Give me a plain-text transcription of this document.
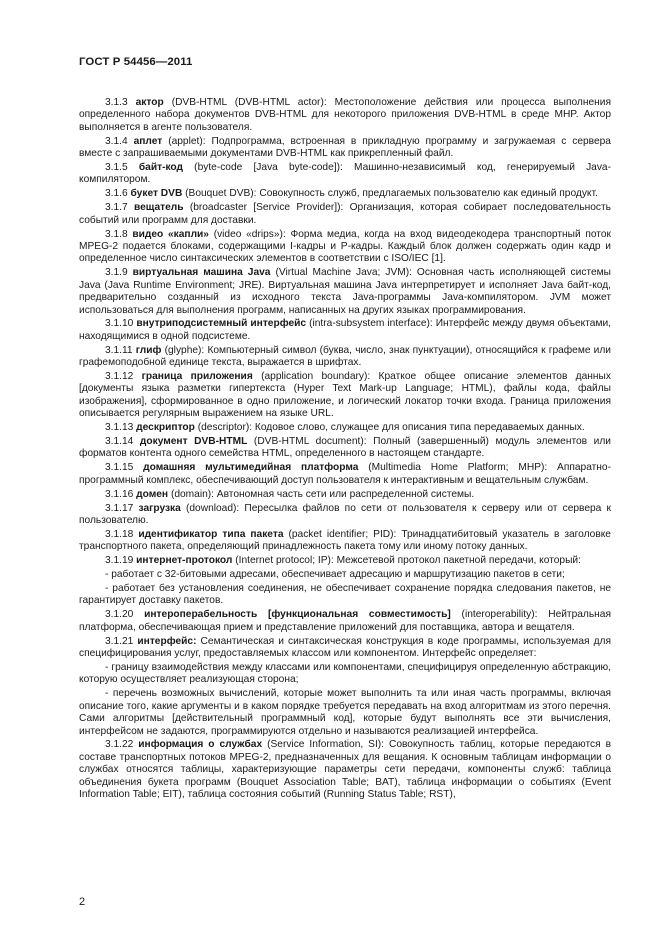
ГОСТ Р 54456—2011

3.1.3 актор (DVB-HTML (DVB-HTML actor): Местоположение действия или процесса выполнения определенного набора документов DVB-HTML для некоторого приложения DVB-HTML в среде MHP. Актор выполняется в агенте пользователя.

3.1.4 аплет (applet): Подпрограмма, встроенная в прикладную программу и загружаемая с сервера вместе с запрашиваемыми документами DVB-HTML как прикрепленный файл.

3.1.5 байт-код (byte-code [Java byte-code]): Машинно-независимый код, генерируемый Java-компилятором.

3.1.6 букет DVB (Bouquet DVB): Совокупность служб, предлагаемых пользователю как единый продукт.

3.1.7 вещатель (broadcaster [Service Provider]): Организация, которая собирает последовательность событий или программ для доставки.

3.1.8 видео «капли» (video «drips»): Форма медиа, когда на вход видеодекодера транспортный поток MPEG-2 подается блоками, содержащими I-кадры и P-кадры. Каждый блок должен содержать один кадр и определенное число синтаксических элементов в соответствии с ISO/IEC [1].

3.1.9 виртуальная машина Java (Virtual Machine Java; JVM): Основная часть исполняющей системы Java (Java Runtime Environment; JRE). Виртуальная машина Java интерпретирует и исполняет Java байт-код, предварительно созданный из исходного текста Java-программы Java-компилятором. JVM может использоваться для выполнения программ, написанных на других языках программирования.

3.1.10 внутриподсистемный интерфейс (intra-subsystem interface): Интерфейс между двумя объектами, находящимися в одной подсистеме.

3.1.11 глиф (glyphe): Компьютерный символ (буква, число, знак пунктуации), относящийся к графеме или графемоподобной единице текста, выражается в шрифтах.

3.1.12 граница приложения (application boundary): Краткое общее описание элементов данных [документы языка разметки гипертекста (Hyper Text Mark-up Language; HTML), файлы кода, файлы изображения], сформированное в одно приложение, и логический локатор точки входа. Граница приложения описывается регулярным выражением на языке URL.

3.1.13 дескриптор (descriptor): Кодовое слово, служащее для описания типа передаваемых данных.

3.1.14 документ DVB-HTML (DVB-HTML document): Полный (завершенный) модуль элементов или форматов контента одного семейства HTML, определенного в настоящем стандарте.

3.1.15 домашняя мультимедийная платформа (Multimedia Home Platform; MHP): Аппаратно-программный комплекс, обеспечивающий доступ пользователя к интерактивным и вещательным службам.

3.1.16 домен (domain): Автономная часть сети или распределенной системы.

3.1.17 загрузка (download): Пересылка файлов по сети от пользователя к серверу или от сервера к пользователю.

3.1.18 идентификатор типа пакета (packet identifier; PID): Тринадцатибитовый указатель в заголовке транспортного пакета, определяющий принадлежность пакета тому или иному потоку данных.

3.1.19 интернет-протокол (Internet protocol; IP): Межсетевой протокол пакетной передачи, который:

- работает с 32-битовыми адресами, обеспечивает адресацию и маршрутизацию пакетов в сети;

- работает без установления соединения, не обеспечивает сохранение порядка следования пакетов, не гарантирует доставку пакетов.

3.1.20 интероперабельность [функциональная совместимость] (interoperability): Нейтральная платформа, обеспечивающая прием и представление приложений для поставщика, автора и вещателя.

3.1.21 интерфейс: Семантическая и синтаксическая конструкция в коде программы, используемая для специфицирования услуг, предоставляемых классом или компонентом. Интерфейс определяет:

- границу взаимодействия между классами или компонентами, специфицируя определенную абстракцию, которую осуществляет реализующая сторона;

- перечень возможных вычислений, которые может выполнить та или иная часть программы, включая описание того, какие аргументы и в каком порядке требуется передавать на вход алгоритмам из этого перечня. Сами алгоритмы [действительный программный код], которые будут выполнять все эти вычисления, интерфейсом не задаются, программируются отдельно и называются реализацией интерфейса.

3.1.22 информация о службах (Service Information, SI): Совокупность таблиц, которые передаются в составе транспортных потоков MPEG-2, предназначенных для вещания. К основным таблицам информации о службах относятся таблицы, характеризующие параметры сети передачи, компоненты служб: таблица объединения букета программ (Bouquet Association Table; BAT), таблица информации о событиях (Event Information Table; EIT), таблица состояния событий (Running Status Table; RST),

2
